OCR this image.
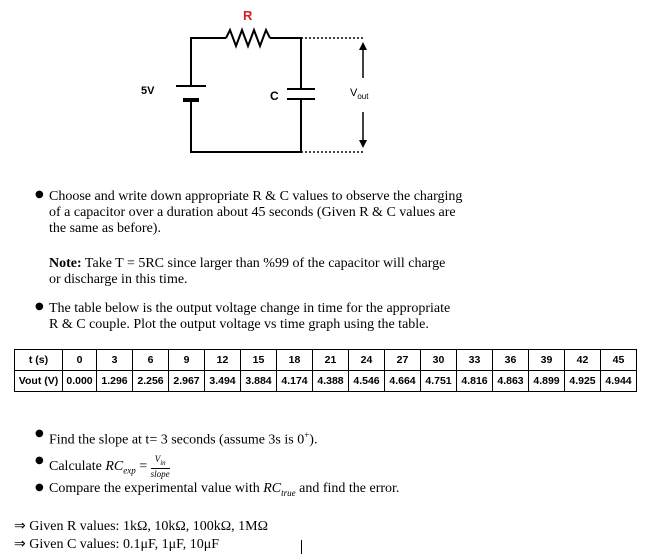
R
5V	C	$V_{out}$
● Choose and write down appropriate R & C values to observe the charging
of a capacitor over a duration about 45 seconds (Given R & C values are
the same as before).
Note: Take T = 5RC since larger than %99 of the capacitor will charge
or discharge in this time.
● The table below is the output voltage change in time for the appropriate
R & C couple. Plot the output voltage vs time graph using the table.
t (s)	0	3	6	9	12	15	18	21	24	27	30	33	36	39	42	45
Vout (V)	0.000	1.296	2.256	2.967	3.494	3.884	4.174	4.388	4.546	4.664	4.751	4.816	4.863	4.899	4.925	4.944
● Find the slope at t= 3 seconds (assume 3s is 0+).
● Calculate $RC_{exp} = V_{in}$
slope
● Compare the experimental value with $RC_{true}$ and find the error.
⇒ Given R values: 1kΩ, 10kΩ, 100kΩ, 1MΩ
⇒ Given C values: 0.1μF, 1μF, 10μF
